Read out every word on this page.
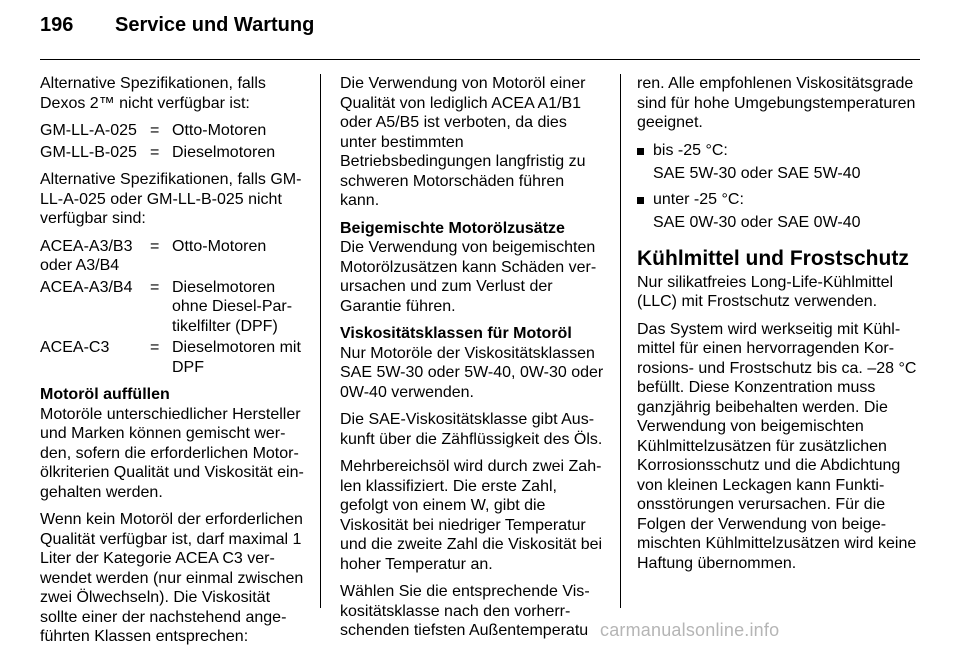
196 Service und Wartung

Alternative Spezifikationen, falls Dexos 2™ nicht verfügbar ist:

GM-LL-A-025 = Otto-Motoren
GM-LL-B-025 = Dieselmotoren

Alternative Spezifikationen, falls GM-LL-A-025 oder GM-LL-B-025 nicht verfügbar sind:

ACEA-A3/B3 oder A3/B4
= Otto-Motoren
ACEA-A3/B4	= Dieselmotoren ohne Diesel-Partikelfilter (DPF)
ACEA-C3	= Dieselmotoren mit DPF
Motoröl auffüllen

Motoröle unterschiedlicher Hersteller und Marken können gemischt werden, sofern die erforderlichen Motorölkriterien Qualität und Viskosität eingehalten werden.

Wenn kein Motoröl der erforderlichen Qualität verfügbar ist, darf maximal 1 Liter der Kategorie ACEA C3 verwendet werden (nur einmal zwischen zwei Ölwechseln). Die Viskosität sollte einer der nachstehend angeführten Klassen entsprechen:

Die Verwendung von Motoröl einer Qualität von lediglich ACEA A1/B1 oder A5/B5 ist verboten, da dies unter bestimmten Betriebsbedingungen langfristig zu schweren Motorschäden führen kann.

Beigemischte Motorölzusätze

Die Verwendung von beigemischten Motorölzusätzen kann Schäden verursachen und zum Verlust der Garantie führen.

Viskositätsklassen für Motoröl

Nur Motoröle der Viskositätsklassen SAE 5W-30 oder 5W-40, 0W-30 oder 0W-40 verwenden.

Die SAE-Viskositätsklasse gibt Auskunft über die Zähflüssigkeit des Öls.

Mehrbereichsöl wird durch zwei Zahlen klassifiziert. Die erste Zahl, gefolgt von einem W, gibt die Viskosität bei niedriger Temperatur und die zweite Zahl die Viskosität bei hoher Temperatur an.

Wählen Sie die entsprechende Viskositätsklasse nach den vorherrschenden tiefsten Außentemperatu

ren. Alle empfohlenen Viskositätsgrade sind für hohe Umgebungstemperaturen geeignet.

bis -25 °C:
SAE 5W-30 oder SAE 5W-40
unter -25 °C:
SAE 0W-30 oder SAE 0W-40
Kühlmittel und Frostschutz

Nur silikatfreies Long-Life-Kühlmittel (LLC) mit Frostschutz verwenden.

Das System wird werkseitig mit Kühlmittel für einen hervorragenden Korrosions- und Frostschutz bis ca. –28 °C befüllt. Diese Konzentration muss ganzjährig beibehalten werden. Die Verwendung von beigemischten Kühlmittelzusätzen für zusätzlichen Korrosionsschutz und die Abdichtung von kleinen Leckagen kann Funktionsstörungen verursachen. Für die Folgen der Verwendung von beigemischten Kühlmittelzusätzen wird keine Haftung übernommen.

carmanualsonline.info
